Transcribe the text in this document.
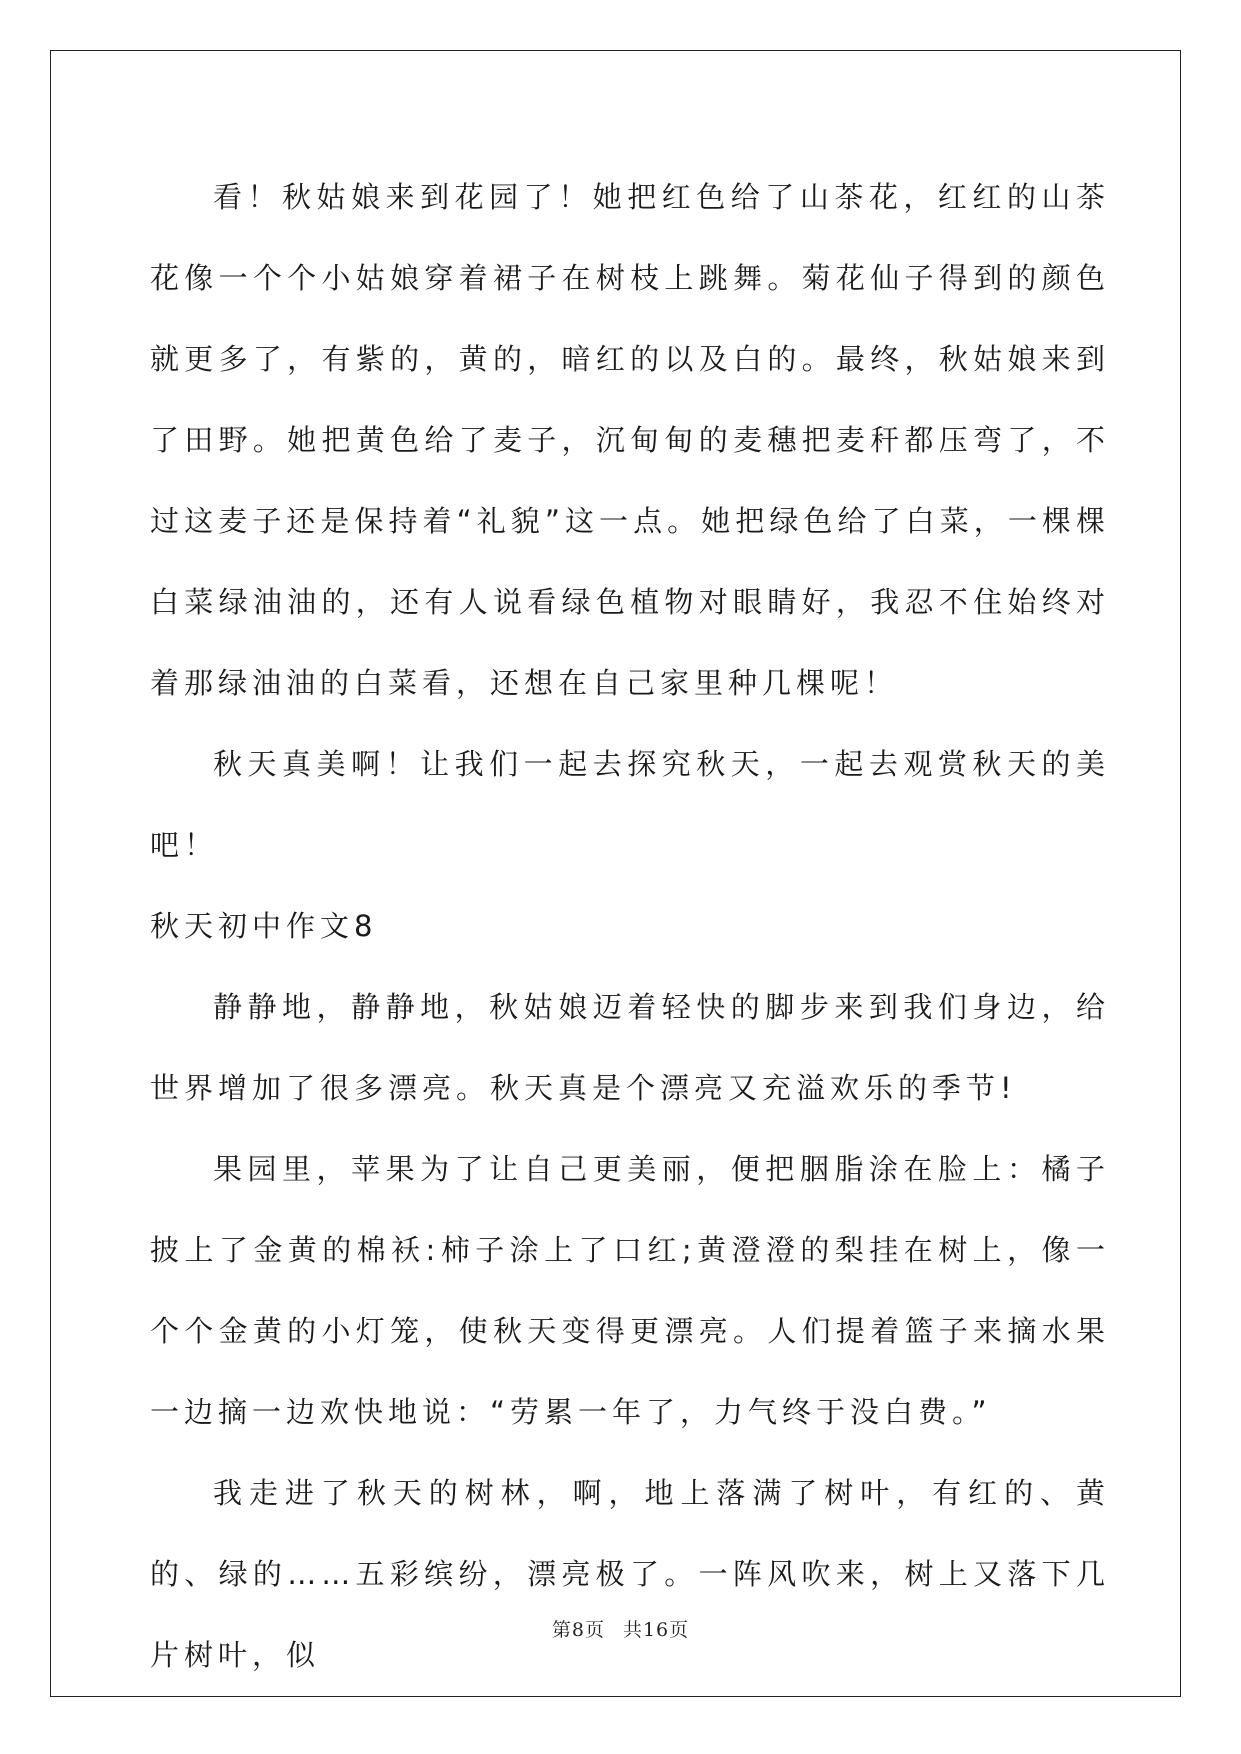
看！秋姑娘来到花园了！她把红色给了山茶花，红红的山茶花像一个个小姑娘穿着裙子在树枝上跳舞。菊花仙子得到的颜色就更多了，有紫的，黄的，暗红的以及白的。最终，秋姑娘来到了田野。她把黄色给了麦子，沉甸甸的麦穗把麦秆都压弯了，不过这麦子还是保持着“礼貌”这一点。她把绿色给了白菜，一棵棵白菜绿油油的，还有人说看绿色植物对眼睛好，我忍不住始终对着那绿油油的白菜看，还想在自己家里种几棵呢！

秋天真美啊！让我们一起去探究秋天，一起去观赏秋天的美吧！

秋天初中作文8

静静地，静静地，秋姑娘迈着轻快的脚步来到我们身边，给世界增加了很多漂亮。秋天真是个漂亮又充溢欢乐的季节!

果园里，苹果为了让自己更美丽，便把胭脂涂在脸上：橘子披上了金黄的棉袄:柿子涂上了口红;黄澄澄的梨挂在树上，像一个个金黄的小灯笼，使秋天变得更漂亮。人们提着篮子来摘水果一边摘一边欢快地说：“劳累一年了，力气终于没白费。”

我走进了秋天的树林，啊，地上落满了树叶，有红的、黄的、绿的……五彩缤纷，漂亮极了。一阵风吹来，树上又落下几片树叶，似

第8页 共16页
